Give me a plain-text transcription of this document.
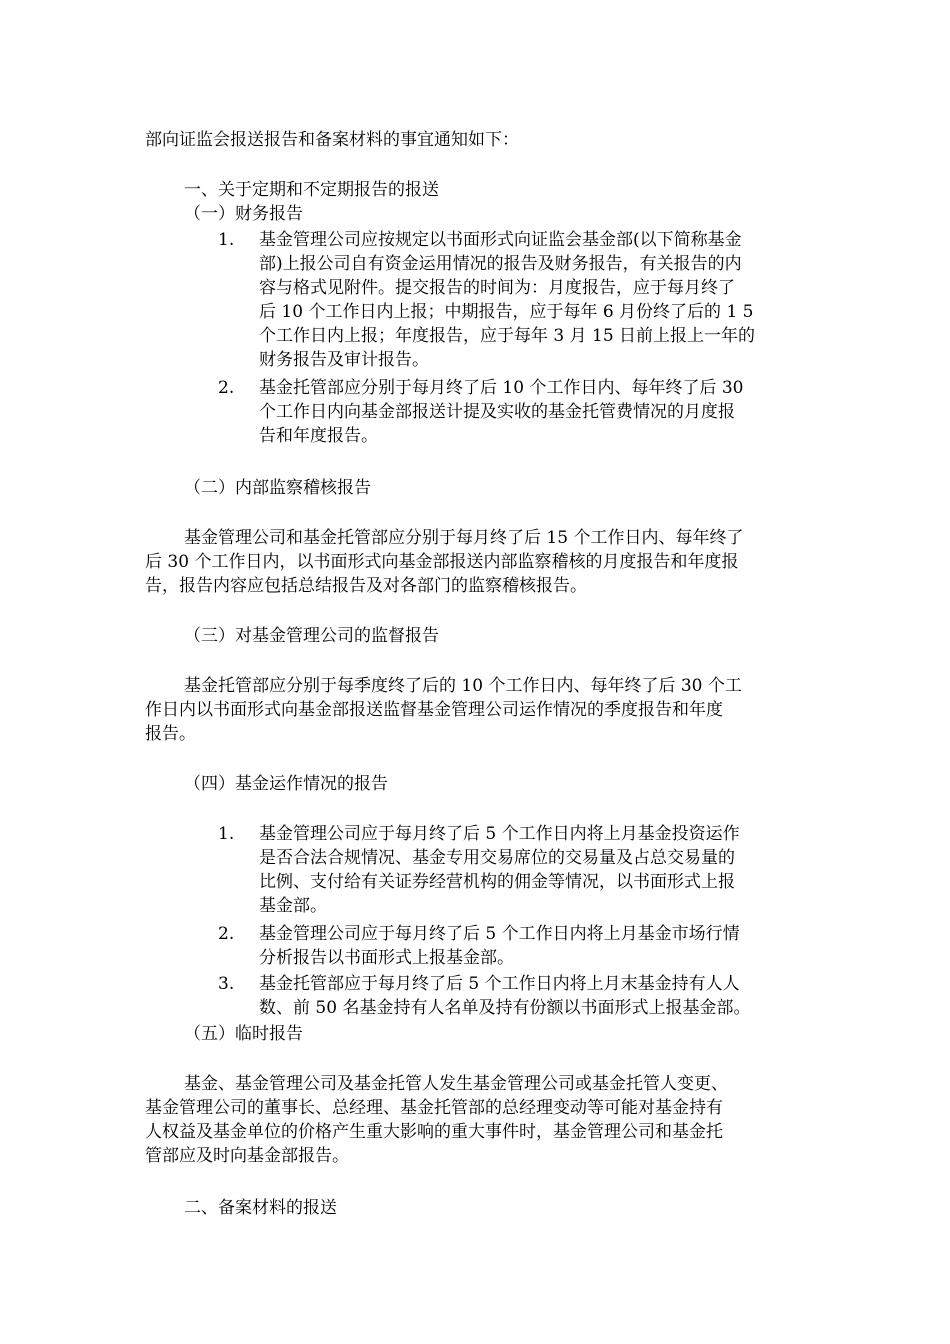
部向证监会报送报告和备案材料的事宜通知如下：
一、关于定期和不定期报告的报送
（一）财务报告
1. 基金管理公司应按规定以书面形式向证监会基金部(以下简称基金
部)上报公司自有资金运用情况的报告及财务报告，有关报告的内
容与格式见附件。提交报告的时间为：月度报告，应于每月终了
后 10 个工作日内上报；中期报告，应于每年 6 月份终了后的 1 5
个工作日内上报；年度报告，应于每年 3 月 15 日前上报上一年的
财务报告及审计报告。
2. 基金托管部应分别于每月终了后 10 个工作日内、每年终了后 30
个工作日内向基金部报送计提及实收的基金托管费情况的月度报
告和年度报告。
（二）内部监察稽核报告
基金管理公司和基金托管部应分别于每月终了后 15 个工作日内、每年终了
后 30 个工作日内，以书面形式向基金部报送内部监察稽核的月度报告和年度报
告，报告内容应包括总结报告及对各部门的监察稽核报告。
（三）对基金管理公司的监督报告
基金托管部应分别于每季度终了后的 10 个工作日内、每年终了后 30 个工
作日内以书面形式向基金部报送监督基金管理公司运作情况的季度报告和年度
报告。
（四）基金运作情况的报告
1. 基金管理公司应于每月终了后 5 个工作日内将上月基金投资运作
是否合法合规情况、基金专用交易席位的交易量及占总交易量的
比例、支付给有关证券经营机构的佣金等情况，以书面形式上报
基金部。
2. 基金管理公司应于每月终了后 5 个工作日内将上月基金市场行情
分析报告以书面形式上报基金部。
3. 基金托管部应于每月终了后 5 个工作日内将上月末基金持有人人
数、前 50 名基金持有人名单及持有份额以书面形式上报基金部。
（五）临时报告
基金、基金管理公司及基金托管人发生基金管理公司或基金托管人变更、
基金管理公司的董事长、总经理、基金托管部的总经理变动等可能对基金持有
人权益及基金单位的价格产生重大影响的重大事件时，基金管理公司和基金托
管部应及时向基金部报告。
二、备案材料的报送
